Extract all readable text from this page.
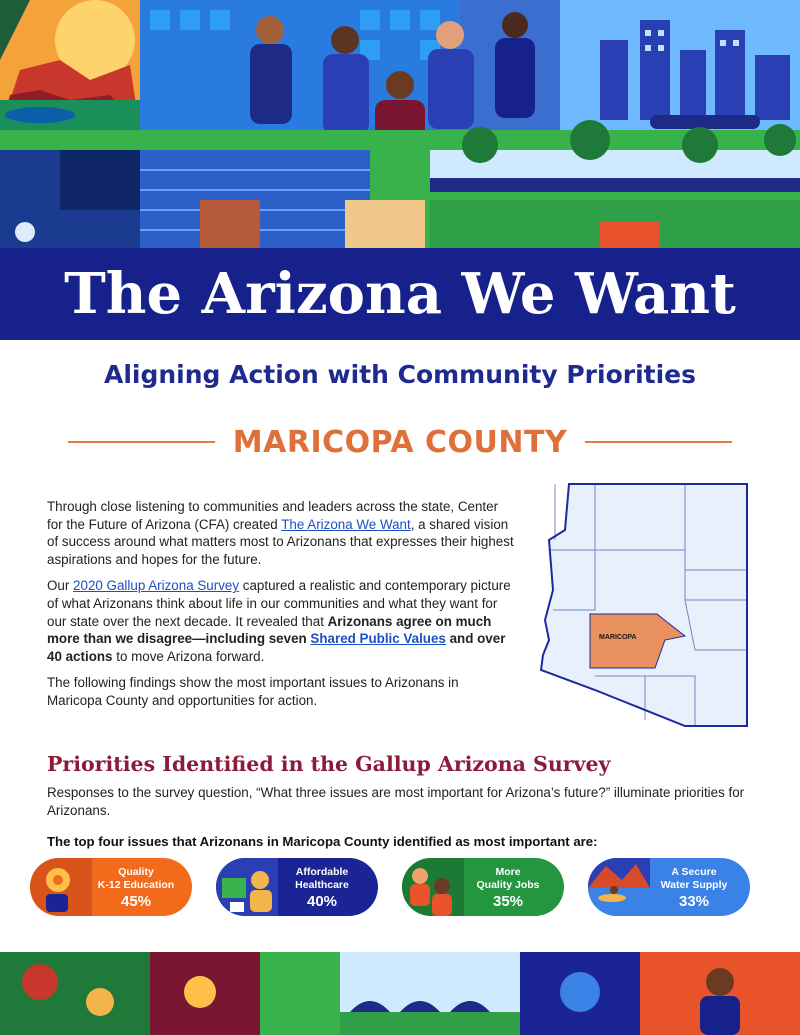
The Arizona We Want
Aligning Action with Community Priorities
MARICOPA COUNTY

Through close listening to communities and leaders across the state, Center for the Future of Arizona (CFA) created The Arizona We Want, a shared vision of success around what matters most to Arizonans that expresses their highest aspirations and hopes for the future.

Our 2020 Gallup Arizona Survey captured a realistic and contemporary picture of what Arizonans think about life in our communities and what they want for our state over the next decade. It revealed that Arizonans agree on much more than we disagree—including seven Shared Public Values and over 40 actions to move Arizona forward.

The following findings show the most important issues to Arizonans in Maricopa County and opportunities for action.

MARICOPA
Priorities Identified in the Gallup Arizona Survey
Responses to the survey question, “What three issues are most important for Arizona’s future?” illuminate priorities for Arizonans.
The top four issues that Arizonans in Maricopa County identified as most important are:
Quality
K-12 Education
45%
Affordable
Healthcare
40%
More
Quality Jobs
35%
A Secure
Water Supply
33%
